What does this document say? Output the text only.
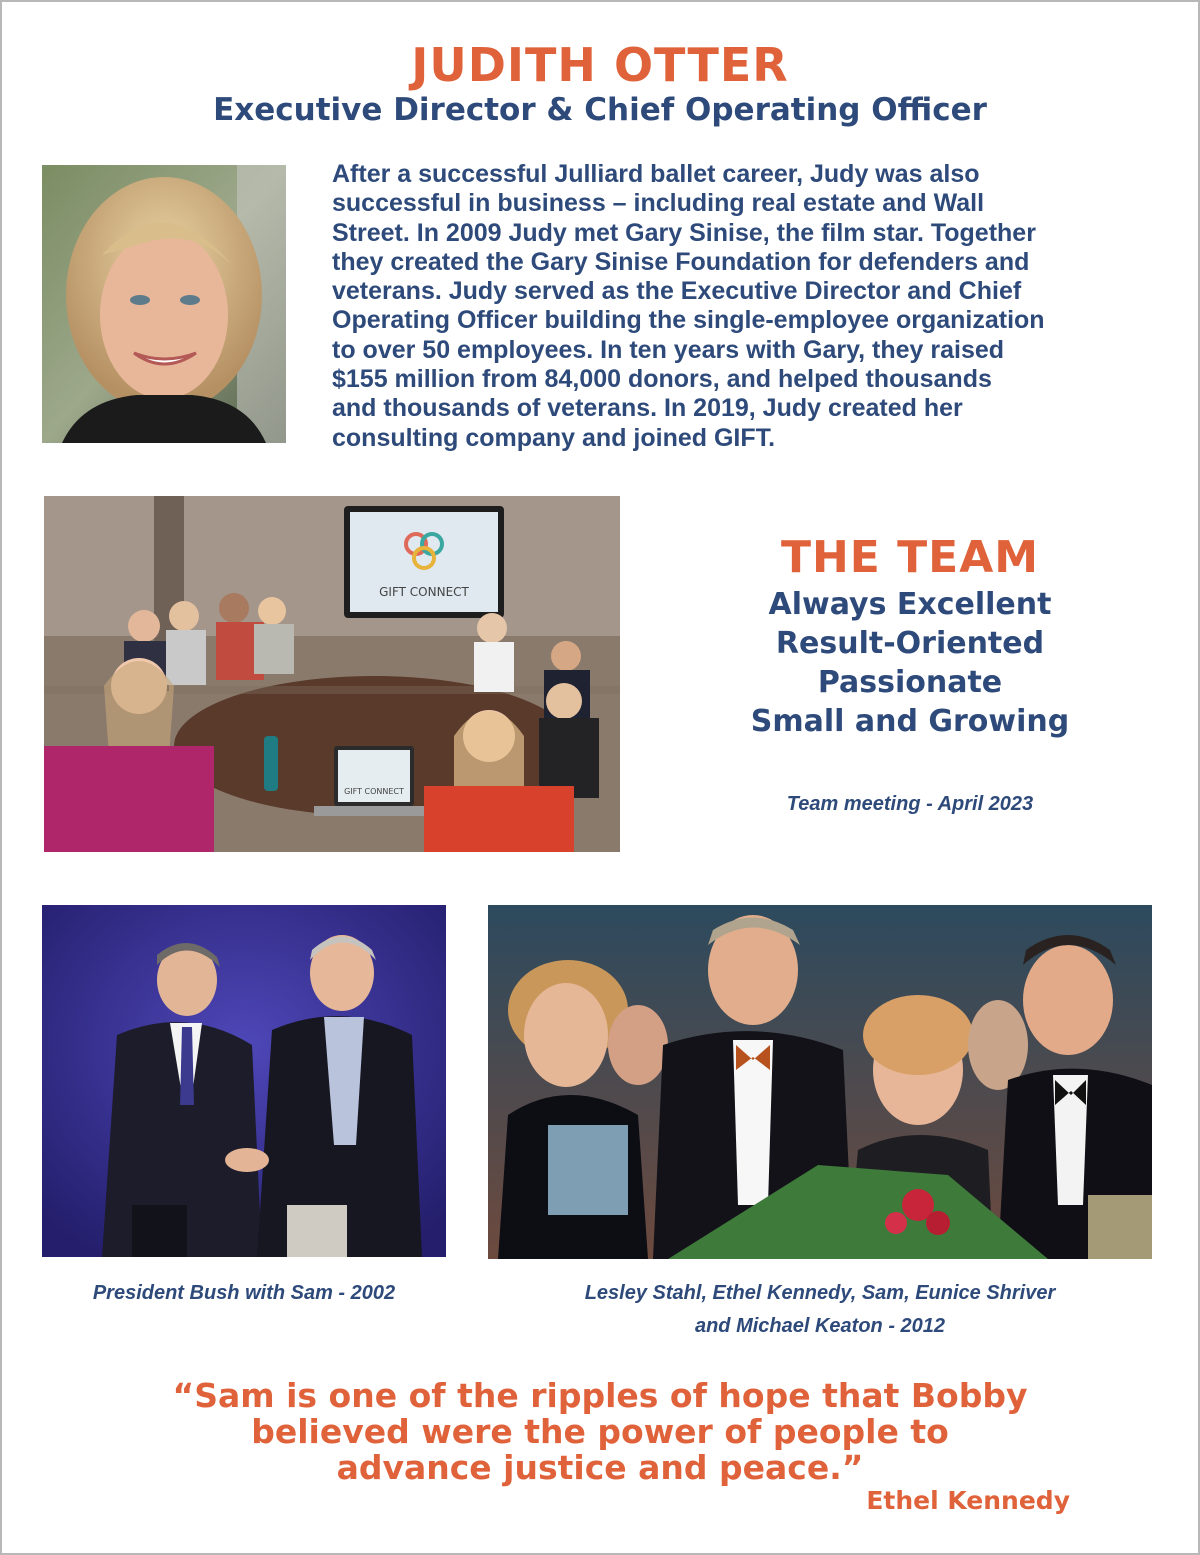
JUDITH OTTER
Executive Director & Chief Operating Officer
After a successful Julliard ballet career, Judy was also
successful in business – including real estate and Wall
Street. In 2009 Judy met Gary Sinise, the film star. Together
they created the Gary Sinise Foundation for defenders and
veterans. Judy served as the Executive Director and Chief
Operating Officer building the single-employee organization
to over 50 employees. In ten years with Gary, they raised
$155 million from 84,000 donors, and helped thousands
and thousands of veterans. In 2019, Judy created her
consulting company and joined GIFT.
GIFT CONNECT
GIFT CONNECT
THE TEAM
Always Excellent
Result-Oriented
Passionate
Small and Growing
Team meeting - April 2023
President Bush with Sam - 2002	Lesley Stahl, Ethel Kennedy, Sam, Eunice Shriver
and Michael Keaton - 2012
“Sam is one of the ripples of hope that Bobby
believed were the power of people to
advance justice and peace.”
Ethel Kennedy
